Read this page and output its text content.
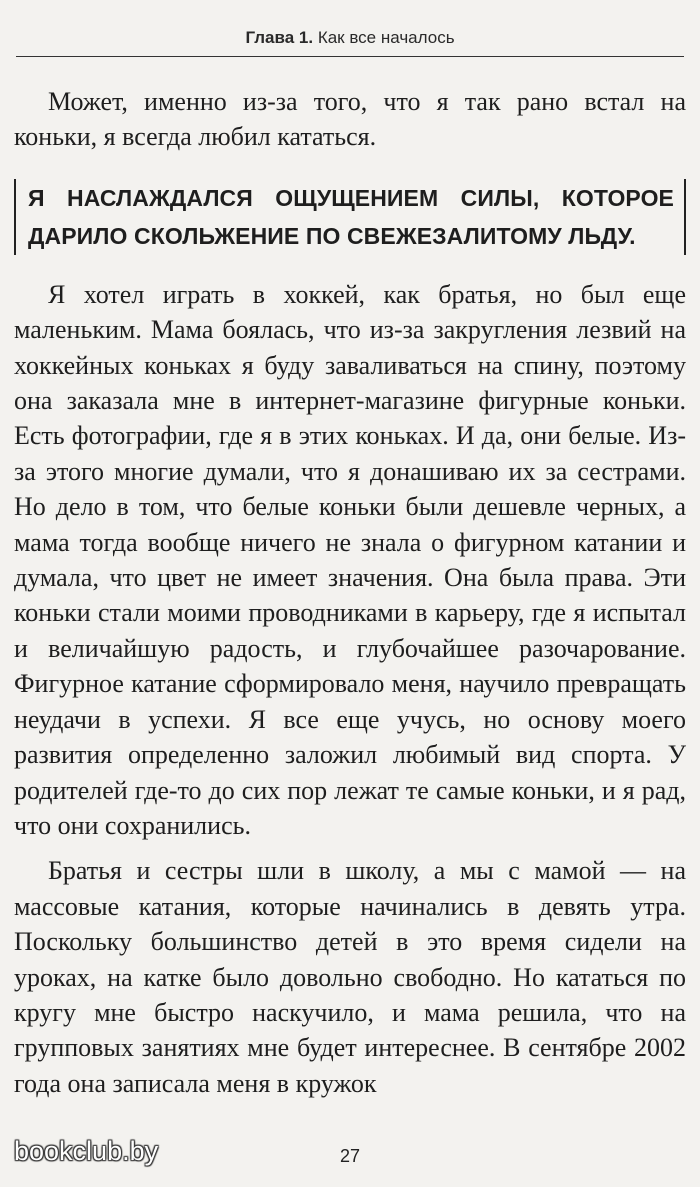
Глава 1. Как все началось

Может, именно из-за того, что я так рано встал на коньки, я всегда любил кататься.

Я НАСЛАЖДАЛСЯ ОЩУЩЕНИЕМ СИЛЫ, КОТОРОЕ ДАРИЛО СКОЛЬЖЕНИЕ ПО СВЕЖЕЗАЛИТОМУ ЛЬДУ.

Я хотел играть в хоккей, как братья, но был еще маленьким. Мама боялась, что из-за закругления лезвий на хоккейных коньках я буду заваливаться на спину, поэтому она заказала мне в интернет-магазине фигурные коньки. Есть фотографии, где я в этих коньках. И да, они белые. Из-за этого многие думали, что я донашиваю их за сестрами. Но дело в том, что белые коньки были дешевле черных, а мама тогда вообще ничего не знала о фигурном катании и думала, что цвет не имеет значения. Она была права. Эти коньки стали моими проводниками в карьеру, где я испытал и величайшую радость, и глубочайшее разочарование. Фигурное катание сформировало меня, научило превращать неудачи в успехи. Я все еще учусь, но основу моего развития определенно заложил любимый вид спорта. У родителей где-то до сих пор лежат те самые коньки, и я рад, что они сохранились.

Братья и сестры шли в школу, а мы с мамой — на массовые катания, которые начинались в девять утра. Поскольку большинство детей в это время сидели на уроках, на катке было довольно свободно. Но кататься по кругу мне быстро наскучило, и мама решила, что на групповых занятиях мне будет интереснее. В сентябре 2002 года она записала меня в кружок

bookclub.by	27
